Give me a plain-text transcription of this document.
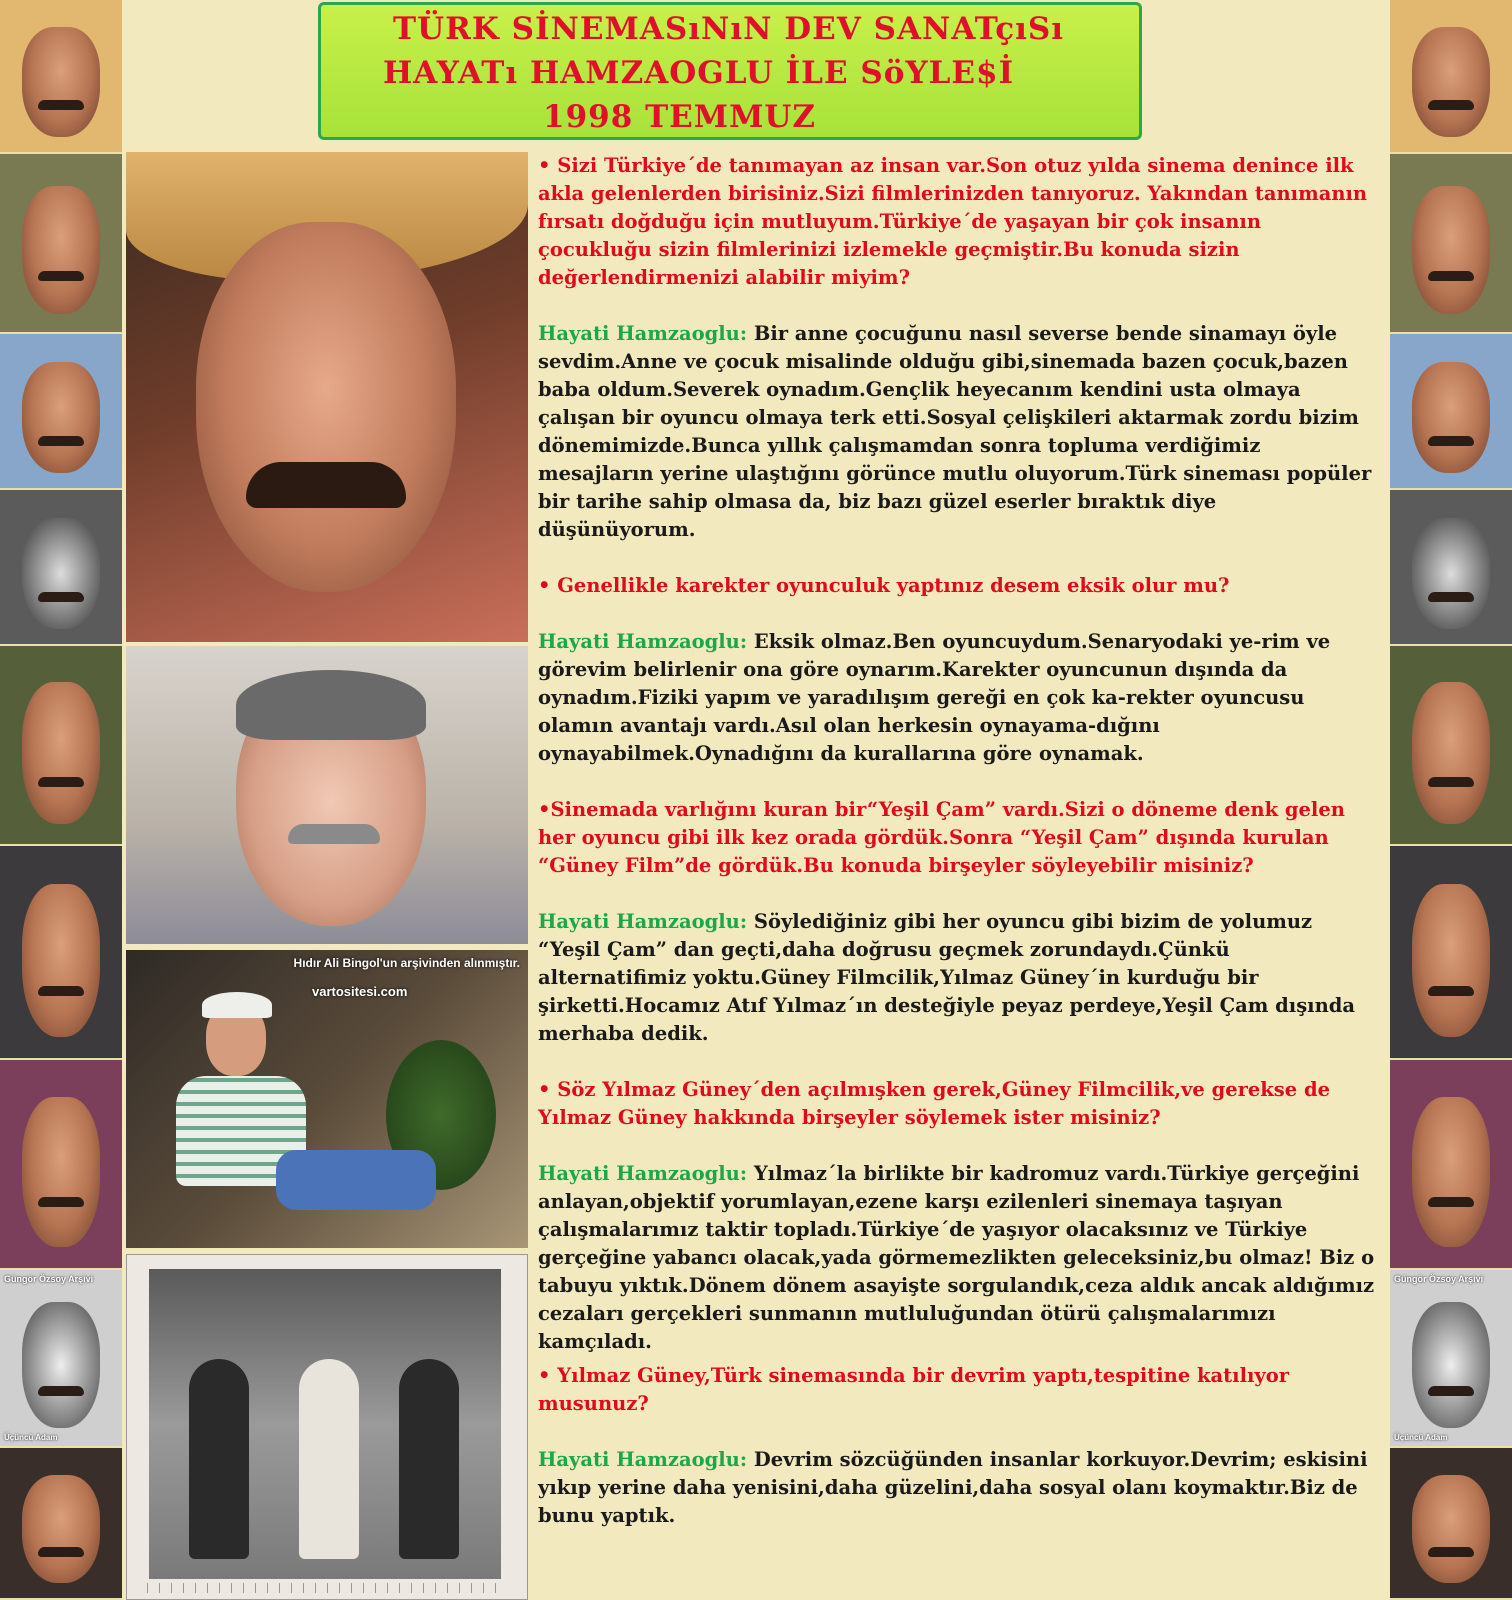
Güngör Özsoy Arşivi
Üçüncü Adam
Güngör Özsoy Arşivi
Üçüncü Adam
TÜRK SİNEMASıNıN DEV SANATçıSı
HAYATı HAMZAOGLU İLE SöYLE$İ
1998 TEMMUZ
Hıdır Ali Bingol'un arşivinden alınmıştır.
vartositesi.com

• Sizi Türkiye´de tanımayan az insan var.Son otuz yılda sinema denince ilk akla gelenlerden birisiniz.Sizi filmlerinizden tanıyoruz. Yakından tanımanın fırsatı doğduğu için mutluyum.Türkiye´de yaşayan bir çok insanın çocukluğu sizin filmlerinizi izlemekle geçmiştir.Bu konuda sizin değerlendirmenizi alabilir miyim?

Hayati Hamzaoglu: Bir anne çocuğunu nasıl severse bende sinamayı öyle sevdim.Anne ve çocuk misalinde olduğu gibi,sinemada bazen çocuk,bazen baba oldum.Severek oynadım.Gençlik heyecanım kendini usta olmaya çalışan bir oyuncu olmaya terk etti.Sosyal çelişkileri aktarmak zordu bizim dönemimizde.Bunca yıllık çalışmamdan sonra topluma verdiğimiz mesajların yerine ulaştığını görünce mutlu oluyorum.Türk sineması popüler bir tarihe sahip olmasa da, biz bazı güzel eserler bıraktık diye düşünüyorum.

• Genellikle karekter oyunculuk yaptınız desem eksik olur mu?

Hayati Hamzaoglu: Eksik olmaz.Ben oyuncuydum.Senaryodaki ye-rim ve görevim belirlenir ona göre oynarım.Karekter oyuncunun dışında da oynadım.Fiziki yapım ve yaradılışım gereği en çok ka-rekter oyuncusu olamın avantajı vardı.Asıl olan herkesin oynayama-dığını oynayabilmek.Oynadığını da kurallarına göre oynamak.

•Sinemada varlığını kuran bir“Yeşil Çam” vardı.Sizi o döneme denk gelen her oyuncu gibi ilk kez orada gördük.Sonra “Yeşil Çam” dışında kurulan “Güney Film”de gördük.Bu konuda birşeyler söyleyebilir misiniz?

Hayati Hamzaoglu: Söylediğiniz gibi her oyuncu gibi bizim de yolumuz “Yeşil Çam” dan geçti,daha doğrusu geçmek zorundaydı.Çünkü alternatifimiz yoktu.Güney Filmcilik,Yılmaz Güney´in kurduğu bir şirketti.Hocamız Atıf Yılmaz´ın desteğiyle peyaz perdeye,Yeşil Çam dışında merhaba dedik.

• Söz Yılmaz Güney´den açılmışken gerek,Güney Filmcilik,ve gerekse de Yılmaz Güney hakkında birşeyler söylemek ister misiniz?

Hayati Hamzaoglu: Yılmaz´la birlikte bir kadromuz vardı.Türkiye gerçeğini anlayan,objektif yorumlayan,ezene karşı ezilenleri sinemaya taşıyan çalışmalarımız taktir topladı.Türkiye´de yaşıyor olacaksınız ve Türkiye gerçeğine yabancı olacak,yada görmemezlikten geleceksiniz,bu olmaz! Biz o tabuyu yıktık.Dönem dönem asayişte sorgulandık,ceza aldık ancak aldığımız cezaları gerçekleri sunmanın mutluluğundan ötürü çalışmalarımızı kamçıladı.

• Yılmaz Güney,Türk sinemasında bir devrim yaptı,tespitine katılıyor musunuz?

Hayati Hamzaoglu: Devrim sözcüğünden insanlar korkuyor.Devrim; eskisini yıkıp yerine daha yenisini,daha güzelini,daha sosyal olanı koymaktır.Biz de bunu yaptık.
